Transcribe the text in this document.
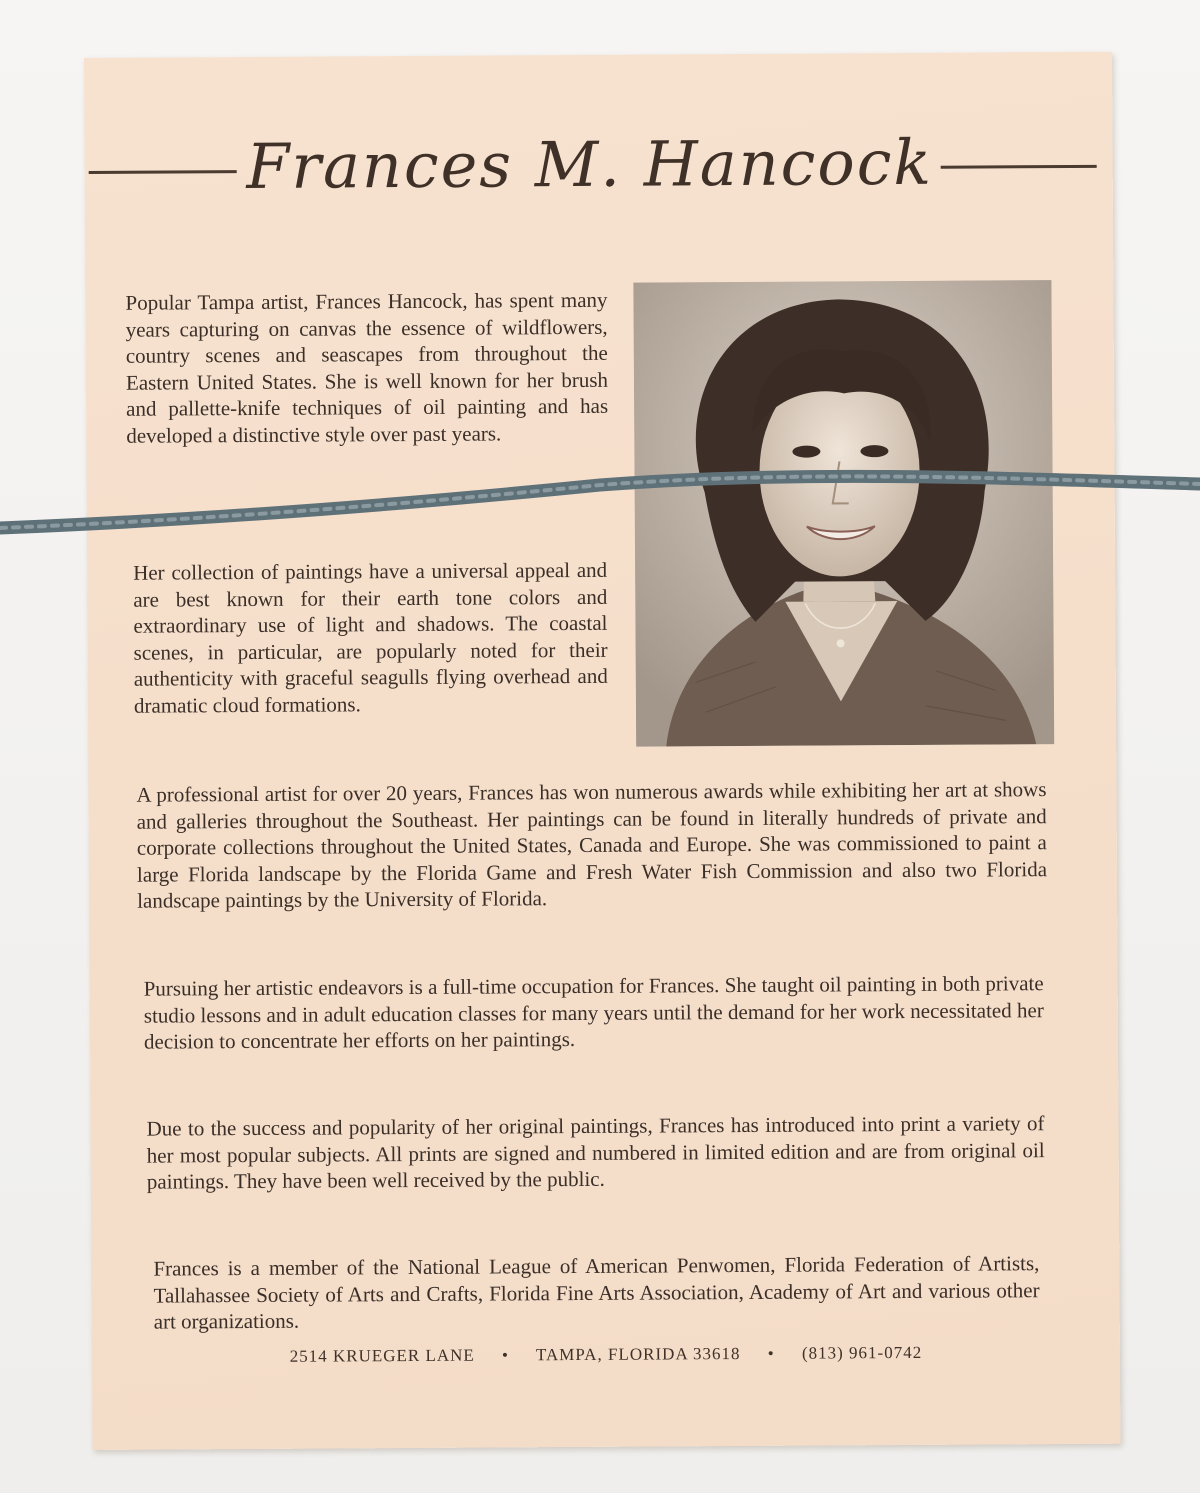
Frances M. Hancock

Popular Tampa artist, Frances Hancock, has spent many years capturing on canvas the essence of wildflowers, country scenes and seascapes from throughout the Eastern United States. She is well known for her brush and pallette-knife techniques of oil painting and has developed a distinctive style over past years.

Her collection of paintings have a universal appeal and are best known for their earth tone colors and extraordinary use of light and shadows. The coastal scenes, in particular, are popularly noted for their authenticity with graceful seagulls flying overhead and dramatic cloud formations.

A professional artist for over 20 years, Frances has won numerous awards while exhibiting her art at shows and galleries throughout the Southeast. Her paintings can be found in literally hundreds of private and corporate collections throughout the United States, Canada and Europe. She was commissioned to paint a large Florida landscape by the Florida Game and Fresh Water Fish Commission and also two Florida landscape paintings by the University of Florida.

Pursuing her artistic endeavors is a full-time occupation for Frances. She taught oil painting in both private studio lessons and in adult education classes for many years until the demand for her work necessitated her decision to concentrate her efforts on her paintings.

Due to the success and popularity of her original paintings, Frances has introduced into print a variety of her most popular subjects. All prints are signed and numbered in limited edition and are from original oil paintings. They have been well received by the public.

Frances is a member of the National League of American Penwomen, Florida Federation of Artists, Tallahassee Society of Arts and Crafts, Florida Fine Arts Association, Academy of Art and various other art organizations.

2514 KRUEGER LANE • TAMPA, FLORIDA 33618 • (813) 961-0742
